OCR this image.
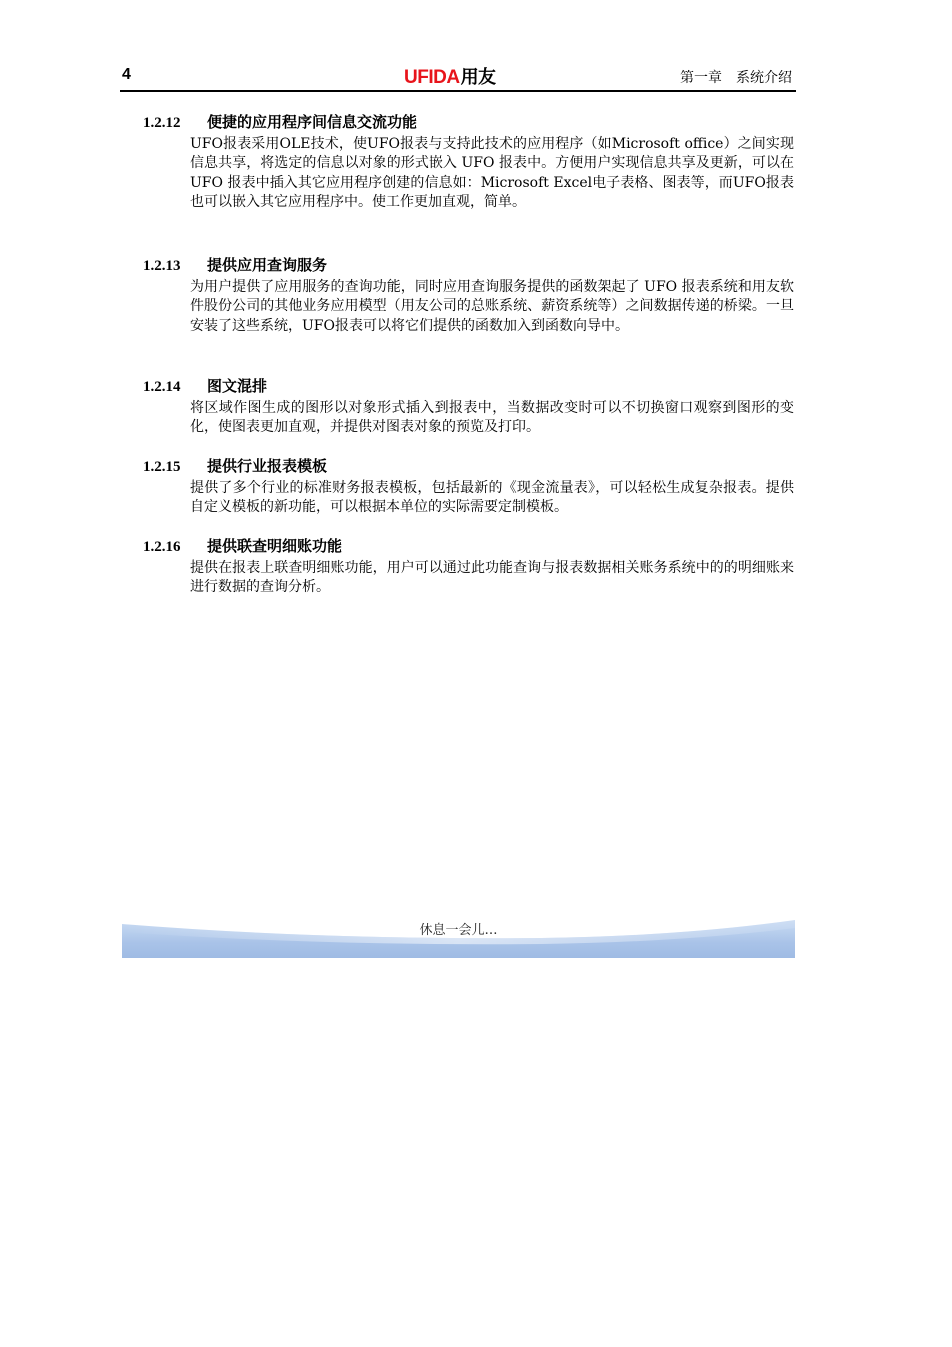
4	UFIDA用友	第一章　系统介绍
1.2.12 便捷的应用程序间信息交流功能
UFO报表采用OLE技术，使UFO报表与支持此技术的应用程序（如Microsoft office）之间实现信息共享，将选定的信息以对象的形式嵌入 UFO 报表中。方便用户实现信息共享及更新，可以在 UFO 报表中插入其它应用程序创建的信息如：Microsoft Excel电子表格、图表等，而UFO报表也可以嵌入其它应用程序中。使工作更加直观，简单。
1.2.13 提供应用查询服务
为用户提供了应用服务的查询功能，同时应用查询服务提供的函数架起了 UFO 报表系统和用友软件股份公司的其他业务应用模型（用友公司的总账系统、薪资系统等）之间数据传递的桥梁。一旦安装了这些系统，UFO报表可以将它们提供的函数加入到函数向导中。
1.2.14 图文混排
将区域作图生成的图形以对象形式插入到报表中，当数据改变时可以不切换窗口观察到图形的变化，使图表更加直观，并提供对图表对象的预览及打印。
1.2.15 提供行业报表模板
提供了多个行业的标准财务报表模板，包括最新的《现金流量表》，可以轻松生成复杂报表。提供自定义模板的新功能，可以根据本单位的实际需要定制模板。
1.2.16 提供联查明细账功能
提供在报表上联查明细账功能，用户可以通过此功能查询与报表数据相关账务系统中的的明细账来进行数据的查询分析。
休息一会儿…
